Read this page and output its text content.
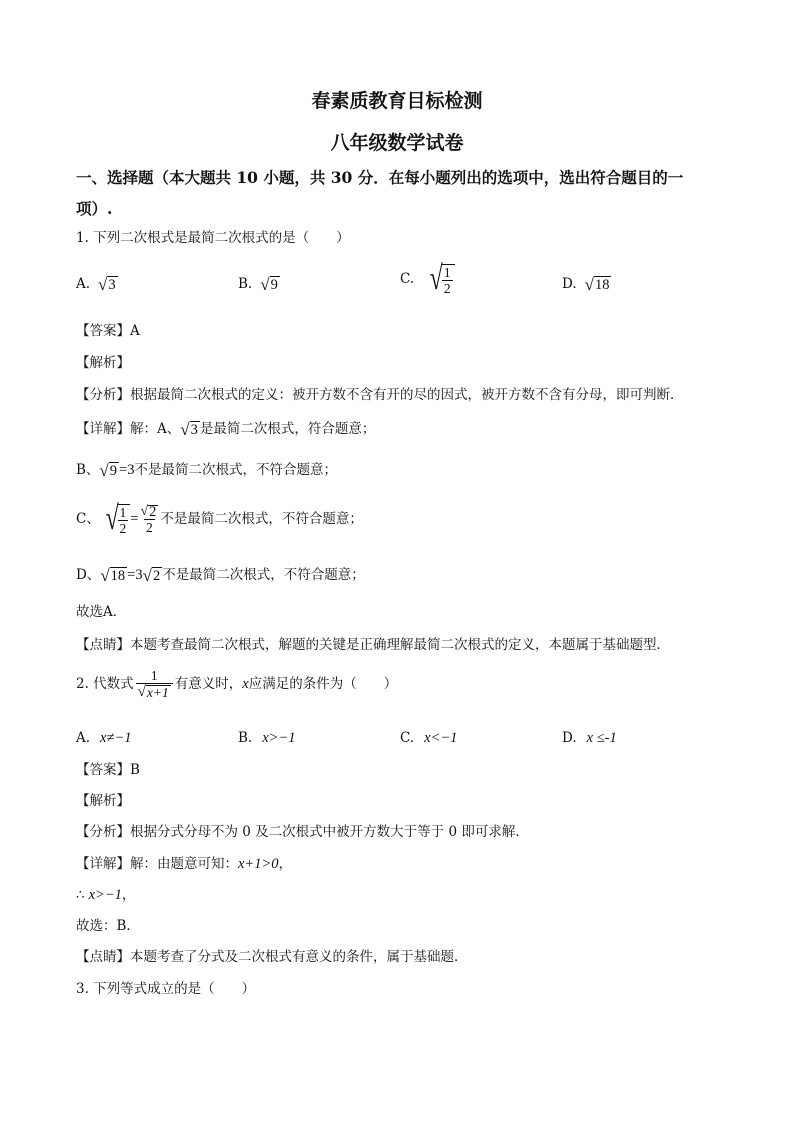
春素质教育目标检测
八年级数学试卷
一、选择题（本大题共 10 小题，共 30 分．在每小题列出的选项中，选出符合题目的一
项）.
1. 下列二次根式是最简二次根式的是（　　）
A. √ 3	B. √ 9	C. √ $\frac{1}{2}$	D. √ 18
【答案】A
【解析】
【分析】根据最简二次根式的定义：被开方数不含有开的尽的因式，被开方数不含有分母，即可判断．
【详解】解：A、 √ 3 是最简二次根式，符合题意；
B、 √ 9 =3 不是最简二次根式，不符合题意；
C、 √ $\frac{1}{2} = \frac{√ 2}{2}$ 不是最简二次根式，不符合题意；
D、 √ 18 =3 √ 2 不是最简二次根式，不符合题意；
故选A．
【点睛】本题考查最简二次根式，解题的关键是正确理解最简二次根式的定义，本题属于基础题型．
2. 代数式 $\frac{1}{√ x+1}$ 有意义时， x 应满足的条件为（　　）
A. x≠−1	B. x>−1	C. x<−1	D. x ≤-1
【答案】B
【解析】
【分析】根据分式分母不为 0 及二次根式中被开方数大于等于 0 即可求解．
【详解】解：由题意可知： x+1>0 ，
∴ x>−1 ，
故选：B．
【点睛】本题考查了分式及二次根式有意义的条件，属于基础题．
3. 下列等式成立的是（　　）
